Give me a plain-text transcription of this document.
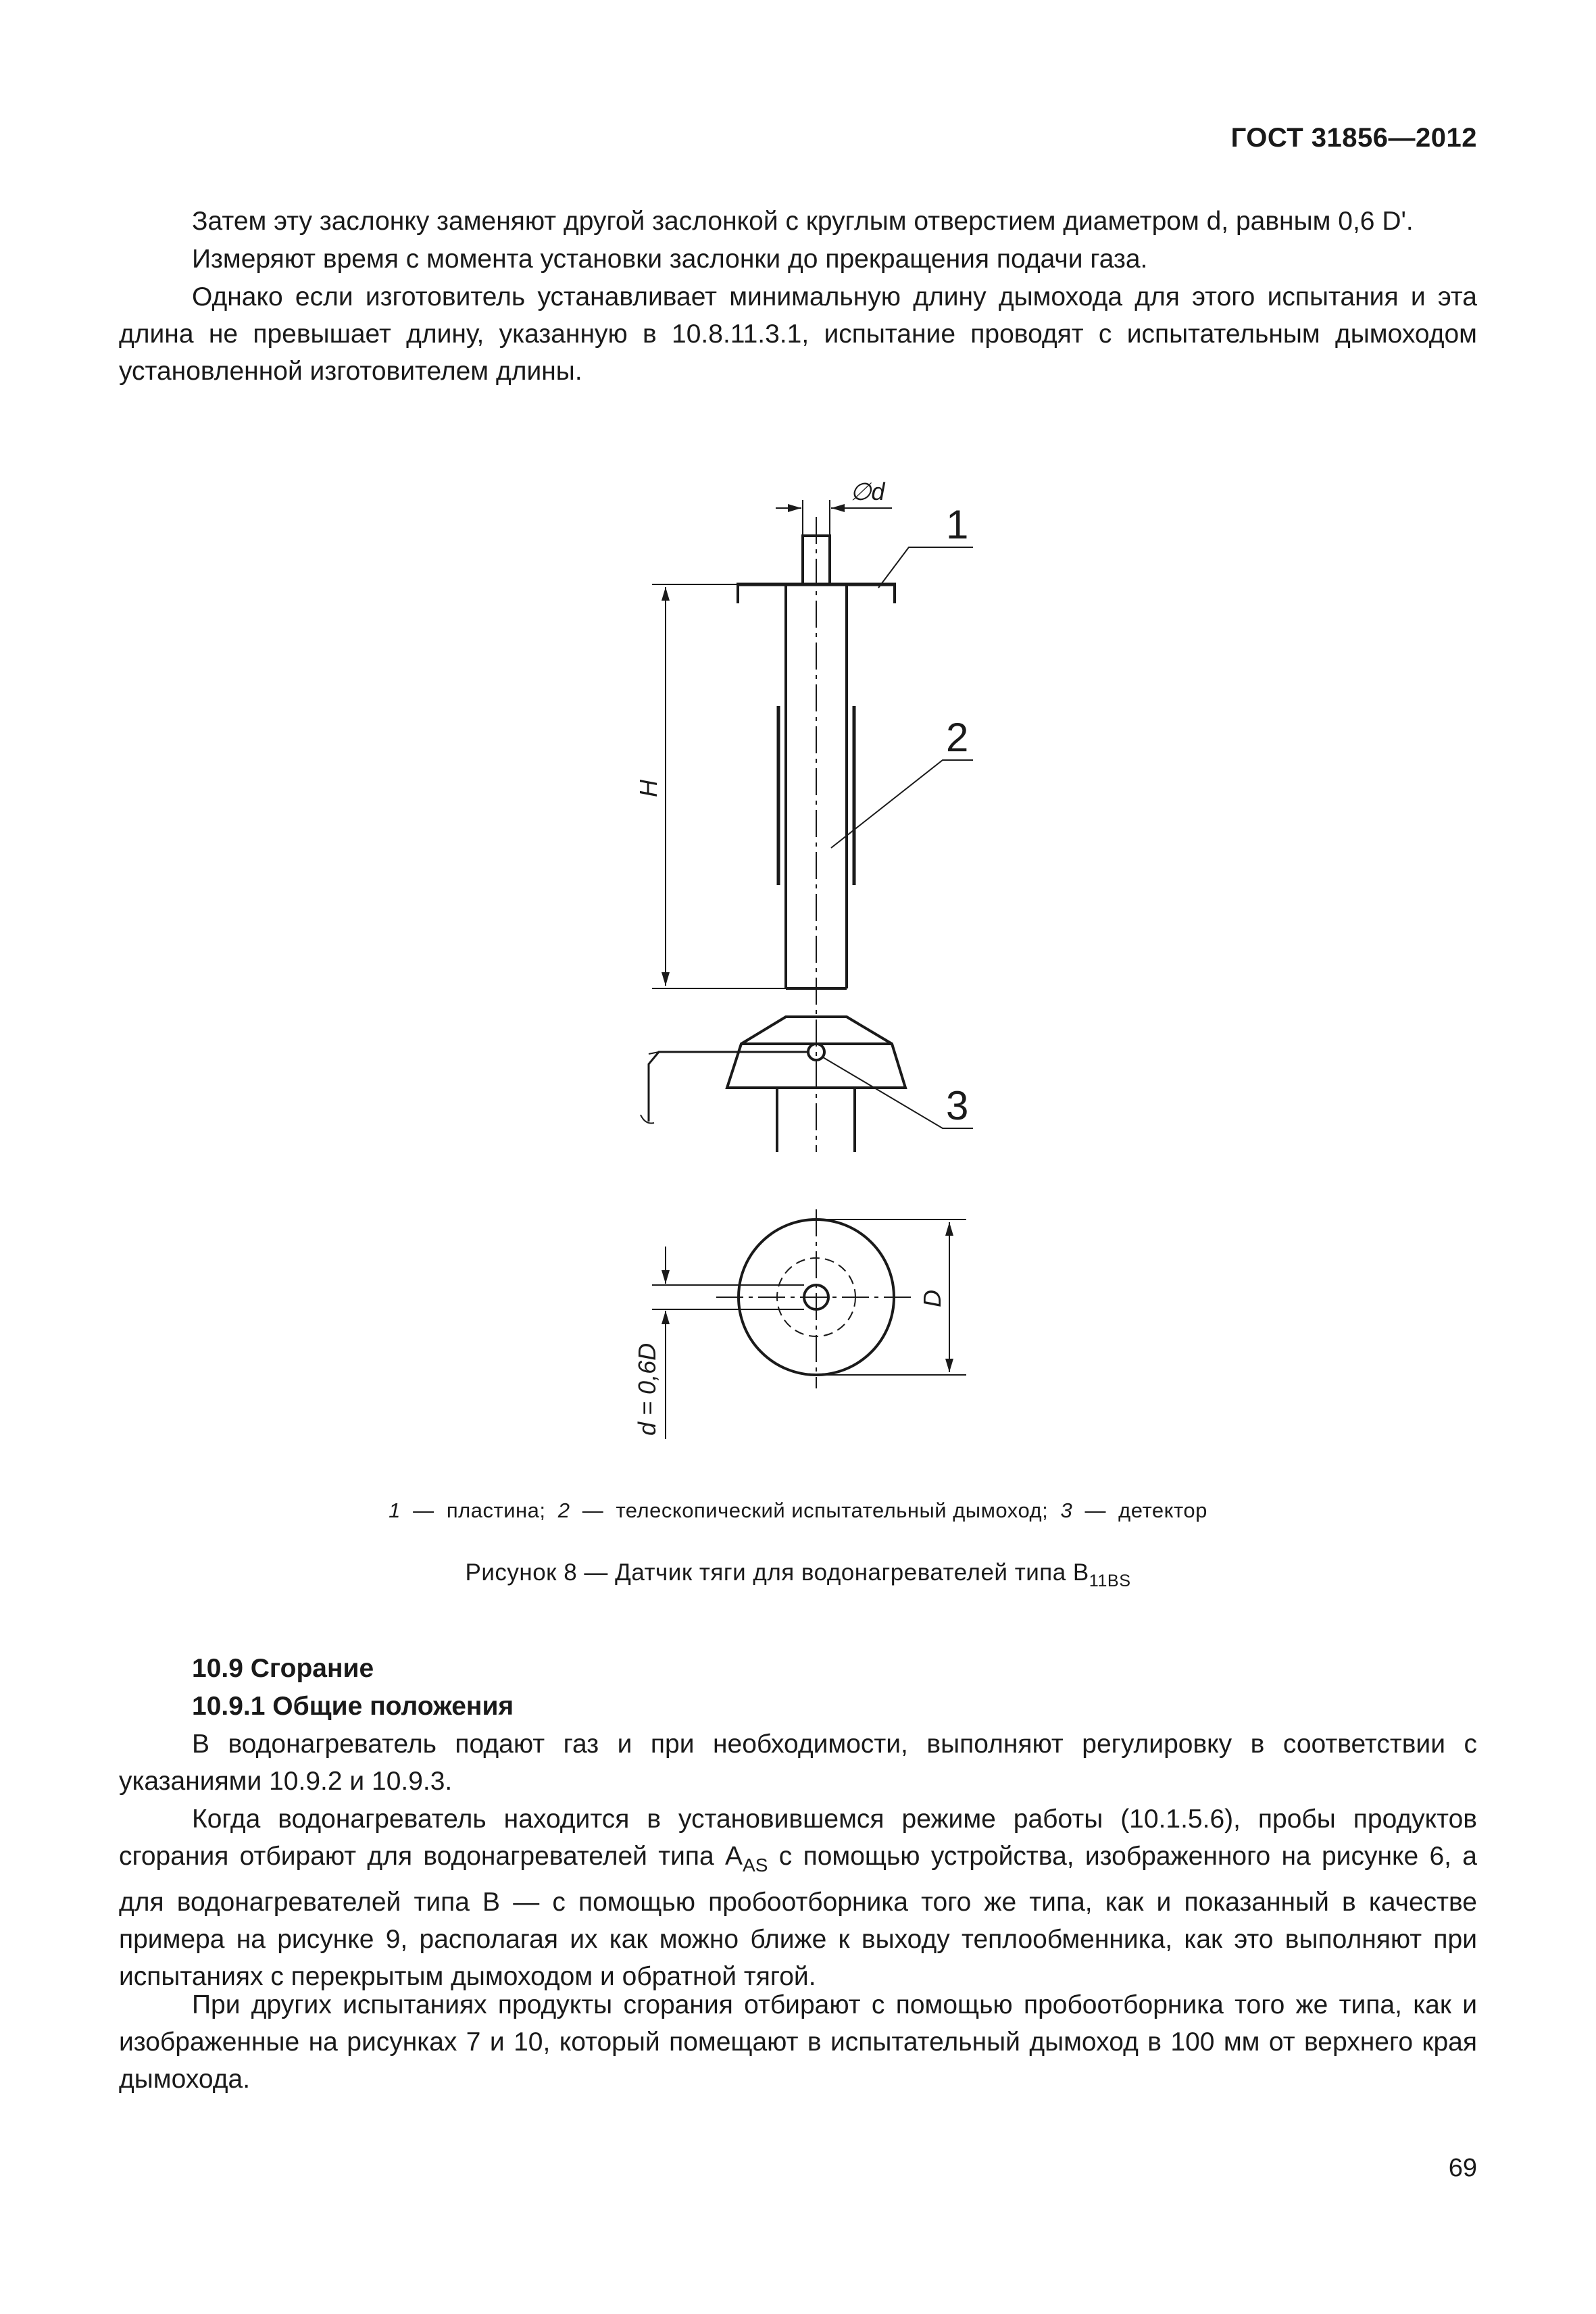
ГОСТ 31856—2012

Затем эту заслонку заменяют другой заслонкой с круглым отверстием диаметром d, равным 0,6 D'.

Измеряют время с момента установки заслонки до прекращения подачи газа.

Однако если изготовитель устанавливает минимальную длину дымохода для этого испытания и эта длина не превышает длину, указанную в 10.8.11.3.1, испытание проводят с испытательным дымоходом установленной изготовителем длины.

1
2
3
∅d
H
D
d = 0,6D
1 — пластина; 2 — телескопический испытательный дымоход; 3 — детектор
Рисунок 8 — Датчик тяги для водонагревателей типа $B_{11BS}$

10.9 Сгорание

10.9.1 Общие положения

В водонагреватель подают газ и при необходимости, выполняют регулировку в соответствии с указаниями 10.9.2 и 10.9.3.

Когда водонагреватель находится в установившемся режиме работы (10.1.5.6), пробы продуктов сгорания отбирают для водонагревателей типа $A_{AS}$ с помощью устройства, изображенного на рисунке 6, а для водонагревателей типа B — с помощью пробоотборника того же типа, как и показанный в качестве примера на рисунке 9, располагая их как можно ближе к выходу теплообменника, как это выполняют при испытаниях с перекрытым дымоходом и обратной тягой.

При других испытаниях продукты сгорания отбирают с помощью пробоотборника того же типа, как и изображенные на рисунках 7 и 10, который помещают в испытательный дымоход в 100 мм от верхнего края дымохода.

69
